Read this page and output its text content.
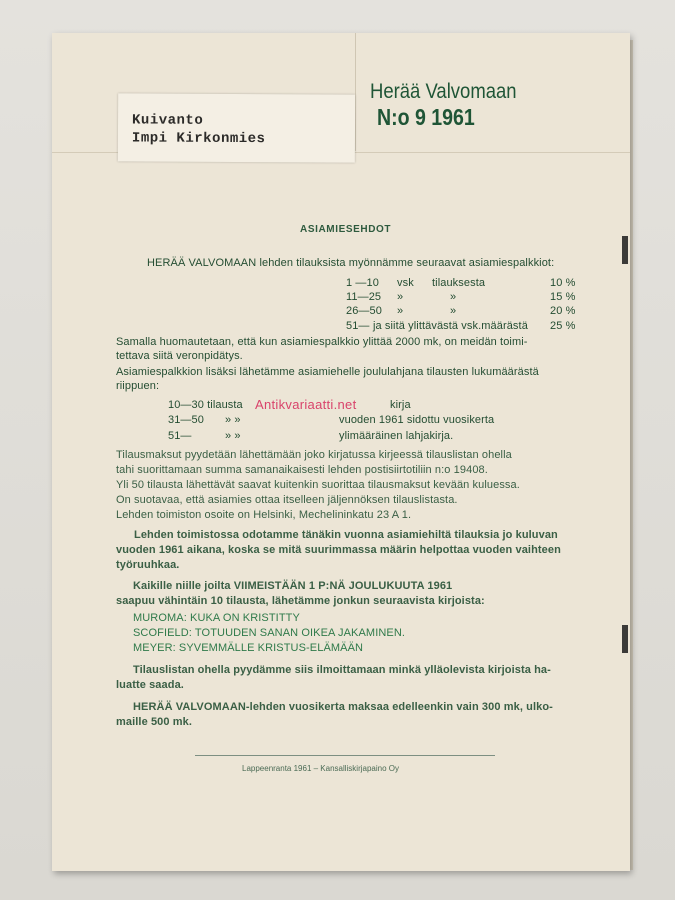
Kuivanto
Impi Kirkonmies
Herää Valvomaan
N:o 9 1961
ASIAMIESEHDOT
HERÄÄ VALVOMAAN lehden tilauksista myönnämme seuraavat asiamiespalkkiot:
1 —10 vsk tilauksesta	10 %
11—25 »	»	15 %
26—50 »	»	20 %
51— ja siitä ylittävästä vsk.määrästä 25 %
Samalla huomautetaan, että kun asiamiespalkkio ylittää 2000 mk, on meidän toimi-
tettava siitä veronpidätys.
Asiamiespalkkion lisäksi lähetämme asiamiehelle joululahjana tilausten lukumäärästä
riippuen:
10—30 tilausta	kirja
31—50 » »	vuoden 1961 sidottu vuosikerta
51—	» »	ylimääräinen lahjakirja.
Antikvariaatti.net
Tilausmaksut pyydetään lähettämään joko kirjatussa kirjeessä tilauslistan ohella
tahi suorittamaan summa samanaikaisesti lehden postisiirtotiliin n:o 19408.
Yli 50 tilausta lähettävät saavat kuitenkin suorittaa tilausmaksut kevään kuluessa.
On suotavaa, että asiamies ottaa itselleen jäljennöksen tilauslistasta.
Lehden toimiston osoite on Helsinki, Mechelininkatu 23 A 1.
Lehden toimistossa odotamme tänäkin vuonna asiamiehiltä tilauksia jo kuluvan
vuoden 1961 aikana, koska se mitä suurimmassa määrin helpottaa vuoden vaihteen
työruuhkaa.
Kaikille niille joilta VIIMEISTÄÄN 1 P:NÄ JOULUKUUTA 1961
saapuu vähintäin 10 tilausta, lähetämme jonkun seuraavista kirjoista:
MUROMA: KUKA ON KRISTITTY
SCOFIELD: TOTUUDEN SANAN OIKEA JAKAMINEN.
MEYER: SYVEMMÄLLE KRISTUS-ELÄMÄÄN
Tilauslistan ohella pyydämme siis ilmoittamaan minkä ylläolevista kirjoista ha-
luatte saada.
HERÄÄ VALVOMAAN-lehden vuosikerta maksaa edelleenkin vain 300 mk, ulko-
maille 500 mk.
Lappeenranta 1961 – Kansalliskirjapaino Oy
